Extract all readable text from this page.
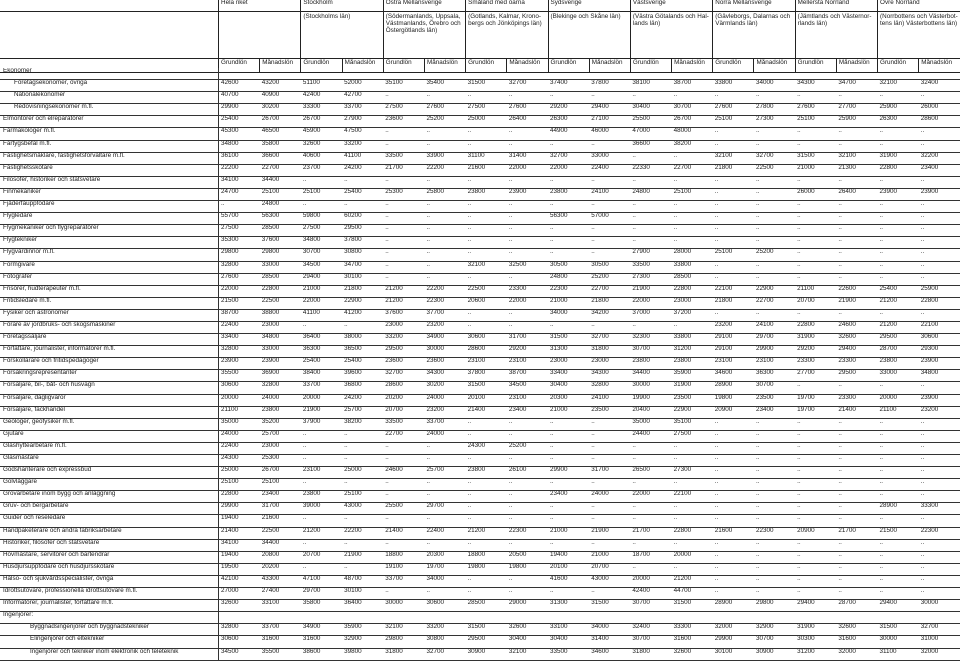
	Hela riket		Stockholm		Östra Mellansverige		Småland med öarna		Sydsverige		Västsverige		Norra Mellansverige		Mellersta Norrland		Övre Norrland	
			(Stockholms län)		(Södermanlands, Uppsala, Västmanlands, Örebro och Östergötlands län)		(Gotlands, Kalmar, Krono-bergs och Jönköpings län)		(Blekinge och Skåne län)		(Västra Götalands och Hal-lands län)		(Gävleborgs, Dalarnas och Värmlands län)		(Jämtlands och Västernor-rlands län)		(Norrbottens och Västerbot-tens län) Västerbottens län)	

	Grundlön	Månadslön	Grundlön	Månadslön	Grundlön	Månadslön	Grundlön	Månadslön	Grundlön	Månadslön	Grundlön	Månadslön	Grundlön	Månadslön	Grundlön	Månadslön	Grundlön	Månadslön
Ekonomer																		
Företagsekonomer, övriga	42600	43200	51100	52000	35100	35400	31500	32700	37400	37800	38100	38700	33800	34000	34300	34700	32100	32400
Nationalekonomer	40700	40900	42400	42700	..	..	..	..	..	..	..	..	..	..	..	..	..	..
Redovisningsekonomer m.fl.	29900	30200	33300	33700	27500	27600	27500	27600	29200	29400	30400	30700	27600	27800	27600	27700	25900	26000
Elmontörer och elreparatörer	25400	26700	26700	27900	23600	25200	25000	26400	26300	27100	25500	26700	25100	27300	25100	25900	26300	28600
Farmakologer m.fl.	45300	46500	45900	47500	..	..	..	..	44900	46000	47000	48000	..	..	..	..	..	..
Fartygsbefäl m.fl.	34800	35800	32600	33200	..	..	..	..	..	..	36600	38200	..	..	..	..	..	..
Fastighetsmäklare, fastighetsförvaltare m.fl.	36100	36600	40600	41100	33500	33900	31100	31400	32700	33000	..	..	32100	32700	31500	32100	31900	32200
Fastighetsskötare	22200	22700	23700	24200	21700	22200	21600	22000	22000	22400	22330	22700	21800	22500	21000	21300	22800	23400
Filosofer, historiker och statsvetare	34100	34400	..	..	..	..	..	..	..	..	..	..	..	..	..	..	..	..
Finmekaniker	24700	25100	25100	25400	25300	25800	23800	23900	23800	24100	24800	25100	..	..	26000	26400	23900	23900
Fjäderfäuppfödare	..	24800	..	..	..	..	..	..	..	..	..	..	..	..	..	..	..	..
Flygledare	55700	56300	59800	60200	..	..	..	..	56300	57000	..	..	..	..	..	..	..	..
Flygmekaniker och flygreparatörer	27500	28500	27500	29500	..	..	..	..	..	..	..	..	..	..	..	..	..	..
Flygtekniker	35300	37600	34800	37800	..	..	..	..	..	..	..	..	..	..	..	..	..	..
Flygvärdinnor m.fl.	29800	29800	30700	30800	..	..	..	..	..	..	27900	28000	25100	25200	..	..	..	..
Formgivare	32800	33000	34500	34700	..	..	32100	32500	30500	30500	33500	33800	..	..	..	..	..	..
Fotografer	27600	28500	29400	30100	..	..	..	..	24800	25200	27300	28500	..	..	..	..	..	..
Frisörer, hudterapeuter m.fl.	22000	22800	21000	21800	21200	22200	22500	23300	22300	22700	21900	22800	22100	22900	21100	22600	25400	25900
Fritidsledare m.fl.	21500	22500	22000	22900	21200	22300	20600	22000	21000	21800	22000	23000	21800	22700	20700	21900	21200	22800
Fysiker och astronomer	38700	38800	41100	41200	37600	37700	..	..	34000	34200	37000	37200	..	..	..	..	..	..
Förare av jordbruks- och skogsmaskiner	22400	23000	..	..	23000	23200	..	..	..	..	..	..	23200	24100	22800	24600	21200	22100
Företagssäljare	33400	34800	36400	38000	33200	34900	30600	31700	31500	32700	32300	33800	29100	29700	31900	32600	29500	30600
Författare, journalister, informatörer m.fl.	32800	33000	36300	36500	29500	30000	28600	29200	31300	31800	30700	31200	29100	29900	29200	29400	28700	29300
Förskollärare och fritidspedagoger	23900	23900	25400	25400	23600	23600	23100	23100	23000	23000	23800	23800	23100	23100	23300	23300	23800	23900
Försäkringsrepresentanter	35500	36900	38400	39600	32700	34300	37800	38700	33400	34300	34400	35900	34600	36300	27700	29500	33000	34800
Försäljare, bil-, båt- och husvagn	30600	32800	33700	36800	28600	30200	31500	34500	30400	32800	30000	31900	28900	30700	..	..	..	..
Försäljare, dagligvaror	20000	24000	20000	24200	20200	24000	20100	23100	20300	24100	19900	23500	19800	23500	19700	23300	20000	23900
Försäljare, fackhandel	21100	23800	21900	25700	20700	23200	21400	23400	21000	23500	20400	22900	20900	23400	19700	21400	21100	23200
Geologer, geofysiker m.fl.	35000	35200	37900	38200	33500	33700	..	..	..	..	35000	35100	..	..	..	..	..	..
Gjutare	24000	25700	..	..	22700	24000	..	..	..	..	24400	27500	..	..	..	..	..	..
Glashyttearbetare m.fl.	22400	23000	..	..	..	..	24300	25200	..	..	..	..	..	..	..	..	..	..
Glasmästare	24300	25300	..	..	..	..	..	..	..	..	..	..	..	..	..	..	..	..
Godshanterare och expressbud	25000	26700	23100	25000	24600	25700	23800	26100	29900	31700	26500	27300	..	..	..	..	..	..
Golvläggare	25100	25100	..	..	..	..	..	..	..	..	..	..	..	..	..	..	..	..
Grovarbetare inom bygg och anläggning	22800	23400	23800	25100	..	..	..	..	23400	24000	22000	22100	..	..	..	..	..	..
Gruv- och bergarbetare	29900	31700	39000	43000	25500	29700	..	..	..	..	..	..	..	..	..	..	28900	33300
Guider och reseledare	19400	21600	..	..	..	..	..	..	..	..	..	..	..	..	..	..	..	..
Handpaketerare och andra fabriksarbetare	21400	22500	21200	22200	21400	22400	21200	22300	21000	21900	21700	22800	21600	22300	20900	21700	21500	22300
Historiker, filosofer och statsvetare	34100	34400	..	..	..	..	..	..	..	..	..	..	..	..	..	..	..	..
Hovmästare, servitörer och bartendrar	19400	20800	20700	21900	18800	20300	18800	20500	19400	21000	18700	20000	..	..	..	..	..	..
Husdjursuppfödare och husdjursskötare	19500	20200	..	..	19100	19700	19800	19800	20100	20700	..	..	..	..	..	..	..	..
Hälso- och sjukvårdsspecialister, övriga	42100	43300	47100	48700	33700	34000	..	..	41600	43000	20000	21200	..	..	..	..	..	..
Idrottsutövare, professionella idrottsutövare m.fl.	27000	27400	29700	30100	..	..	..	..	..	..	42400	44700	..	..	..	..	..	..
Informatörer, journalister, författare m.fl.	32600	33100	35800	36400	30000	30600	28500	29000	31300	31500	30700	31500	28900	29800	29400	28700	29400	30000
Ingenjörer:																		
Byggnadsingenjörer och byggnadstekniker	32800	33700	34900	35900	32100	33200	31500	32600	33100	34000	32400	33300	32000	32900	31900	32600	31500	32700
Elingenjörer och eltekniker	30600	31600	31600	32900	29800	30800	29500	30400	30400	31400	30700	31600	29900	30700	30300	31600	30000	31000
Ingenjörer och tekniker inom elektronik och teleteknik	34500	35500	38600	39800	31800	32700	30900	32100	33500	34600	31800	32600	30100	30900	31200	32000	31100	32000
